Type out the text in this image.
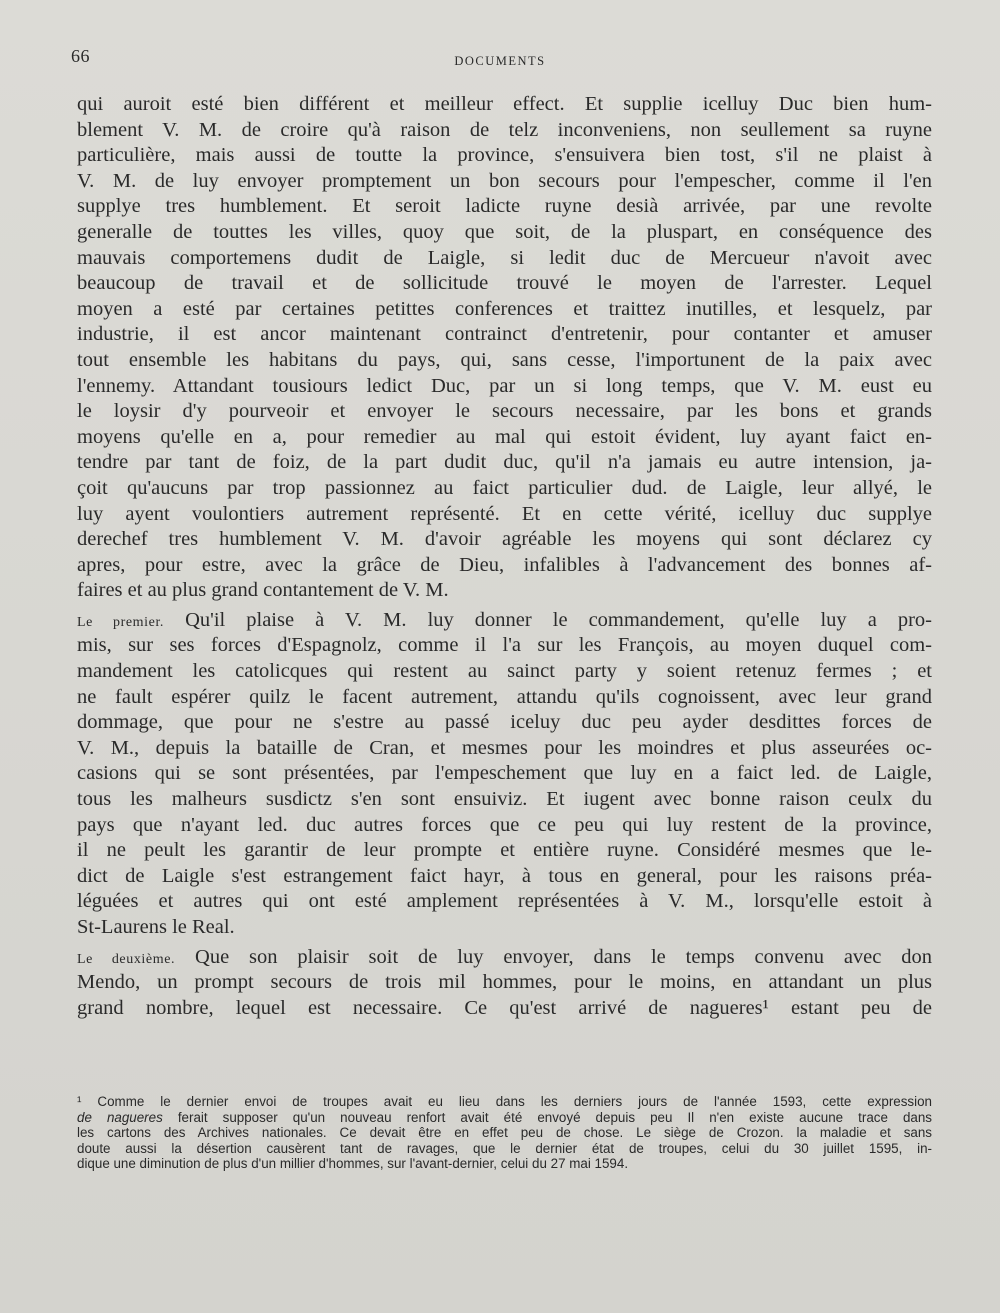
66	DOCUMENTS
qui auroit esté bien différent et meilleur effect. Et supplie icelluy Duc bien hum-
blement V. M. de croire qu'à raison de telz inconveniens, non seullement sa ruyne
particulière, mais aussi de toutte la province, s'ensuivera bien tost, s'il ne plaist à
V. M. de luy envoyer promptement un bon secours pour l'empescher, comme il l'en
supplye tres humblement. Et seroit ladicte ruyne desià arrivée, par une revolte
generalle de touttes les villes, quoy que soit, de la pluspart, en conséquence des
mauvais comportemens dudit de Laigle, si ledit duc de Mercueur n'avoit avec
beaucoup de travail et de sollicitude trouvé le moyen de l'arrester. Lequel
moyen a esté par certaines petittes conferences et traittez inutilles, et lesquelz, par
industrie, il est ancor maintenant contrainct d'entretenir, pour contanter et amuser
tout ensemble les habitans du pays, qui, sans cesse, l'importunent de la paix avec
l'ennemy. Attandant tousiours ledict Duc, par un si long temps, que V. M. eust eu
le loysir d'y pourveoir et envoyer le secours necessaire, par les bons et grands
moyens qu'elle en a, pour remedier au mal qui estoit évident, luy ayant faict en-
tendre par tant de foiz, de la part dudit duc, qu'il n'a jamais eu autre intension, ja-
çoit qu'aucuns par trop passionnez au faict particulier dud. de Laigle, leur allyé, le
luy ayent voulontiers autrement représenté. Et en cette vérité, icelluy duc supplye
derechef tres humblement V. M. d'avoir agréable les moyens qui sont déclarez cy
apres, pour estre, avec la grâce de Dieu, infalibles à l'advancement des bonnes af-
faires et au plus grand contantement de V. M.
Le premier. Qu'il plaise à V. M. luy donner le commandement, qu'elle luy a pro-
mis, sur ses forces d'Espagnolz, comme il l'a sur les François, au moyen duquel com-
mandement les catolicques qui restent au sainct party y soient retenuz fermes ; et
ne fault espérer quilz le facent autrement, attandu qu'ils cognoissent, avec leur grand
dommage, que pour ne s'estre au passé iceluy duc peu ayder desdittes forces de
V. M., depuis la bataille de Cran, et mesmes pour les moindres et plus asseurées oc-
casions qui se sont présentées, par l'empeschement que luy en a faict led. de Laigle,
tous les malheurs susdictz s'en sont ensuiviz. Et iugent avec bonne raison ceulx du
pays que n'ayant led. duc autres forces que ce peu qui luy restent de la province,
il ne peult les garantir de leur prompte et entière ruyne. Considéré mesmes que le-
dict de Laigle s'est estrangement faict hayr, à tous en general, pour les raisons préa-
léguées et autres qui ont esté amplement représentées à V. M., lorsqu'elle estoit à
St-Laurens le Real.
Le deuxième. Que son plaisir soit de luy envoyer, dans le temps convenu avec don
Mendo, un prompt secours de trois mil hommes, pour le moins, en attandant un plus
grand nombre, lequel est necessaire. Ce qu'est arrivé de nagueres¹ estant peu de
¹ Comme le dernier envoi de troupes avait eu lieu dans les derniers jours de l'année 1593, cette expression
de nagueres ferait supposer qu'un nouveau renfort avait été envoyé depuis peu Il n'en existe aucune trace dans
les cartons des Archives nationales. Ce devait être en effet peu de chose. Le siège de Crozon. la maladie et sans
doute aussi la désertion causèrent tant de ravages, que le dernier état de troupes, celui du 30 juillet 1595, in-
dique une diminution de plus d'un millier d'hommes, sur l'avant-dernier, celui du 27 mai 1594.
